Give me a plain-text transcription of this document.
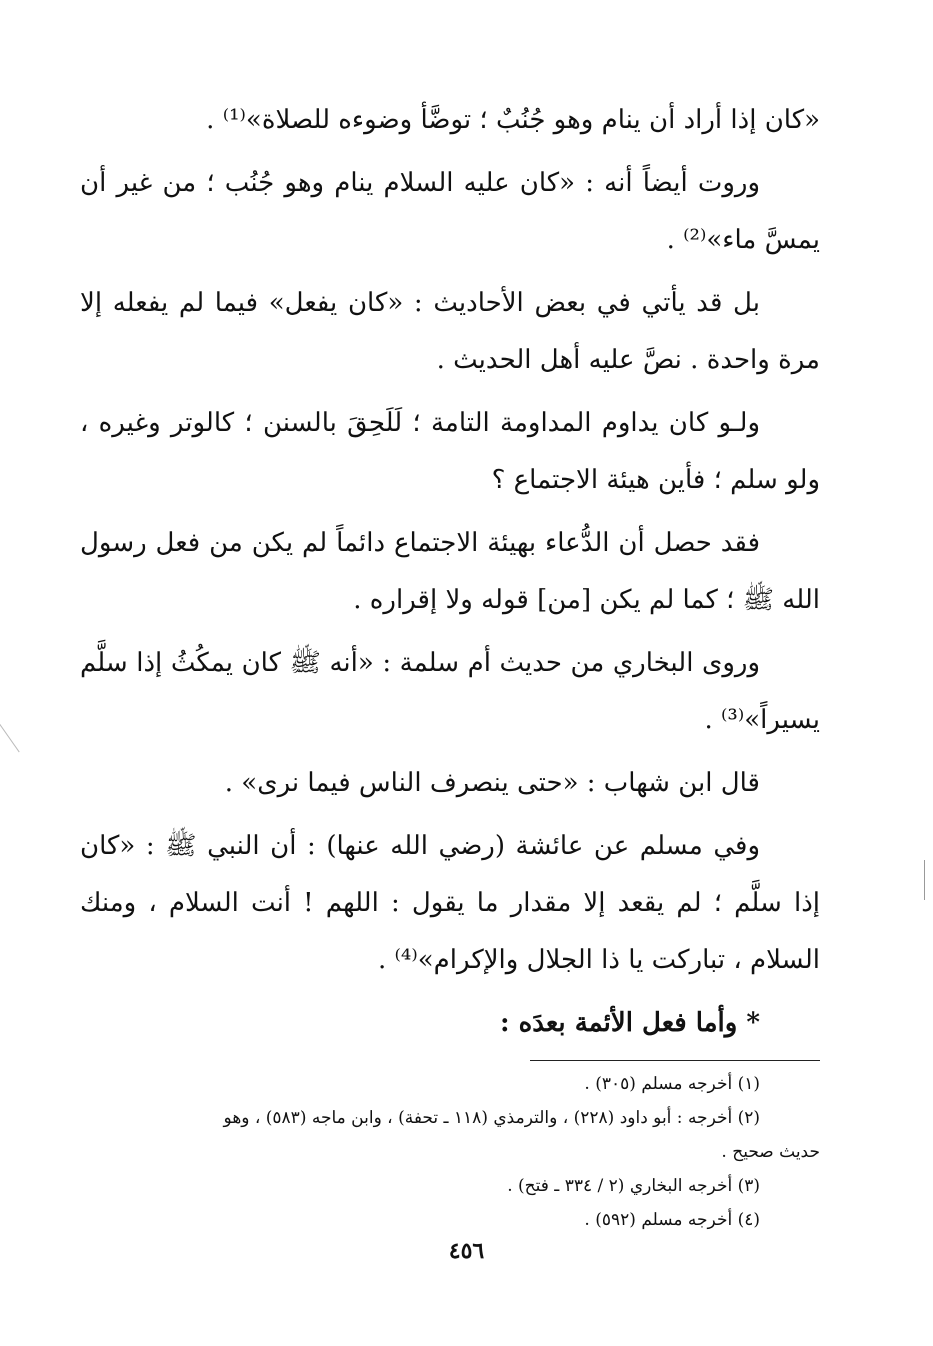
«كان إذا أراد أن ينام وهو جُنُبٌ ؛ توضَّأ وضوءه للصلاة»⁽¹⁾ .

وروت أيضاً أنه : «كان عليه السلام ينام وهو جُنُب ؛ من غير أن يمسَّ ماء»⁽²⁾ .

بل قد يأتي في بعض الأحاديث : «كان يفعل» فيما لم يفعله إلا مرة واحدة . نصَّ عليه أهل الحديث .

ولـو كان يداوم المداومة التامة ؛ لَلَحِقَ بالسنن ؛ كالوتر وغيره ، ولو سلم ؛ فأين هيئة الاجتماع ؟

فقد حصل أن الدُّعاء بهيئة الاجتماع دائماً لم يكن من فعل رسول الله ﷺ ؛ كما لم يكن [من] قوله ولا إقراره .

وروى البخاري من حديث أم سلمة : «أنه ﷺ كان يمكُثُ إذا سلَّم يسيراً»⁽³⁾ .

قال ابن شهاب : «حتى ينصرف الناس فيما نرى» .

وفي مسلم عن عائشة (رضي الله عنها) : أن النبي ﷺ : «كان إذا سلَّم ؛ لم يقعد إلا مقدار ما يقول : اللهم ! أنت السلام ، ومنك السلام ، تباركت يا ذا الجلال والإكرام»⁽⁴⁾ .

* وأما فعل الأئمة بعدَه :

(١) أخرجه مسلم (٣٠٥) .

(٢) أخرجه : أبو داود (٢٢٨) ، والترمذي (١١٨ ـ تحفة) ، وابن ماجه (٥٨٣) ، وهو

حديث صحيح .

(٣) أخرجه البخاري (٢ / ٣٣٤ ـ فتح) .

(٤) أخرجه مسلم (٥٩٢) .

٤٥٦
